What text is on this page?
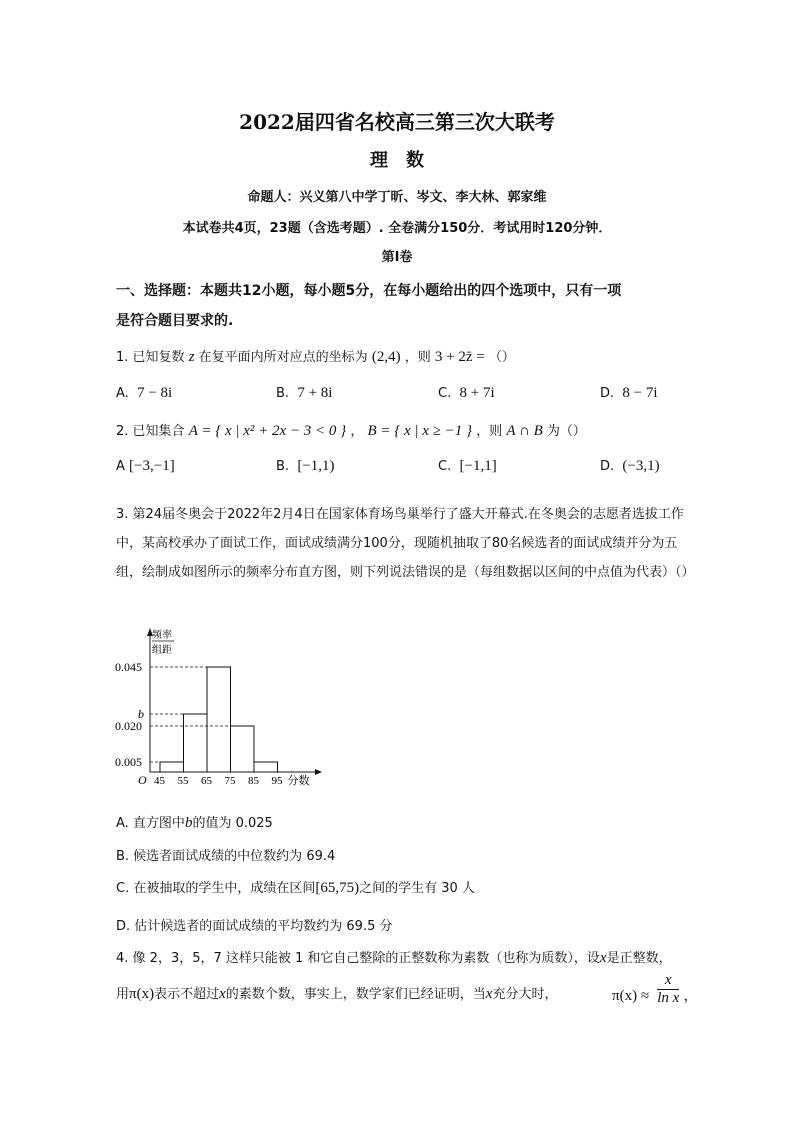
2022届四省名校高三第三次大联考
理　数
命题人：兴义第八中学丁昕、岑文、李大林、郭家维
本试卷共4页，23题（含选考题）. 全卷满分150分．考试用时120分钟．
第Ⅰ卷
一、选择题：本题共12小题，每小题5分，在每小题给出的四个选项中，只有一项
是符合题目要求的.
1. 已知复数 z 在复平面内所对应点的坐标为 (2,4) ，则 3 + 2z̄ = （）
A. 7 − 8i	B. 7 + 8i	C. 8 + 7i	D. 8 − 7i
2. 已知集合 A = { x | x² + 2x − 3 < 0 } ， B = { x | x ≥ −1 } ，则 A ∩ B 为（）
A [−3,−1]	B. [−1,1)	C. [−1,1]	D. (−3,1)
3. 第24届冬奥会于2022年2月4日在国家体育场鸟巢举行了盛大开幕式.在冬奥会的志愿者选拔工作中，某高校承办了面试工作，面试成绩满分100分，现随机抽取了80名候选者的面试成绩并分为五组，绘制成如图所示的频率分布直方图，则下列说法错误的是（每组数据以区间的中点值为代表）（）
0.045
b
0.020
0.005
45 55 65 75 85 95
O	分数
频率
组距
A. 直方图中b的值为 0.025
B. 候选者面试成绩的中位数约为 69.4
C. 在被抽取的学生中，成绩在区间[65,75)之间的学生有 30 人
D. 估计候选者的面试成绩的平均数约为 69.5 分
4. 像 2，3，5，7 这样只能被 1 和它自己整除的正整数称为素数（也称为质数），设x是正整数，
用π(x)表示不超过x的素数个数，事实上，数学家们已经证明，当x充分大时，	$\pi(x) \approx \frac{x}{\text{ln x}}$ ，
